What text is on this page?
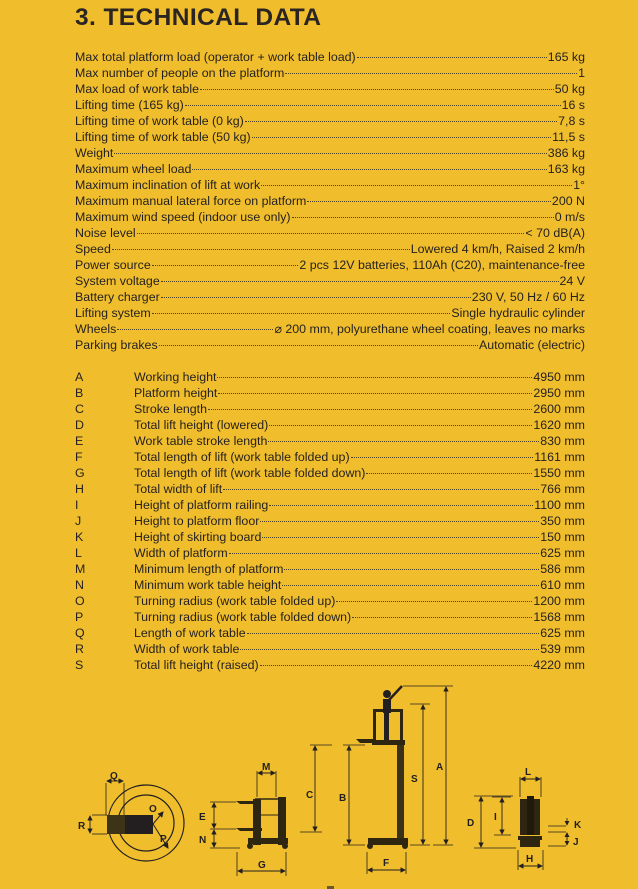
3. TECHNICAL DATA
Max total platform load (operator + work table load)	165 kg
Max number of people on the platform	1
Max load of work table	50 kg
Lifting time (165 kg)	16 s
Lifting time of work table (0 kg)	7,8 s
Lifting time of work table (50 kg)	11,5 s
Weight	386 kg
Maximum wheel load	163 kg
Maximum inclination of lift at work	1°
Maximum manual lateral force on platform	200 N
Maximum wind speed (indoor use only)	0 m/s
Noise level	< 70 dB(A)
Speed	Lowered 4 km/h, Raised 2 km/h
Power source	2 pcs 12V batteries, 110Ah (C20), maintenance-free
System voltage	24 V
Battery charger	230 V, 50 Hz / 60 Hz
Lifting system	Single hydraulic cylinder
Wheels	⌀ 200 mm, polyurethane wheel coating, leaves no marks
Parking brakes	Automatic (electric)
A	Working height	4950 mm
B	Platform height	2950 mm
C	Stroke length	2600 mm
D	Total lift height (lowered)	1620 mm
E	Work table stroke length	830 mm
F	Total length of lift (work table folded up)	1161 mm
G	Total length of lift (work table folded down)	1550 mm
H	Total width of lift	766 mm
I	Height of platform railing	1100 mm
J	Height to platform floor	350 mm
K	Height of skirting board	150 mm
L	Width of platform	625 mm
M	Minimum length of platform	586 mm
N	Minimum work table height	610 mm
O	Turning radius (work table folded up)	1200 mm
P	Turning radius (work table folded down)	1568 mm
Q	Length of work table	625 mm
R	Width of work table	539 mm
S	Total lift height (raised)	4220 mm
Q
R
O
P
M
E
N
G
C	B
S
A
F
L
D
I
K
J
H
